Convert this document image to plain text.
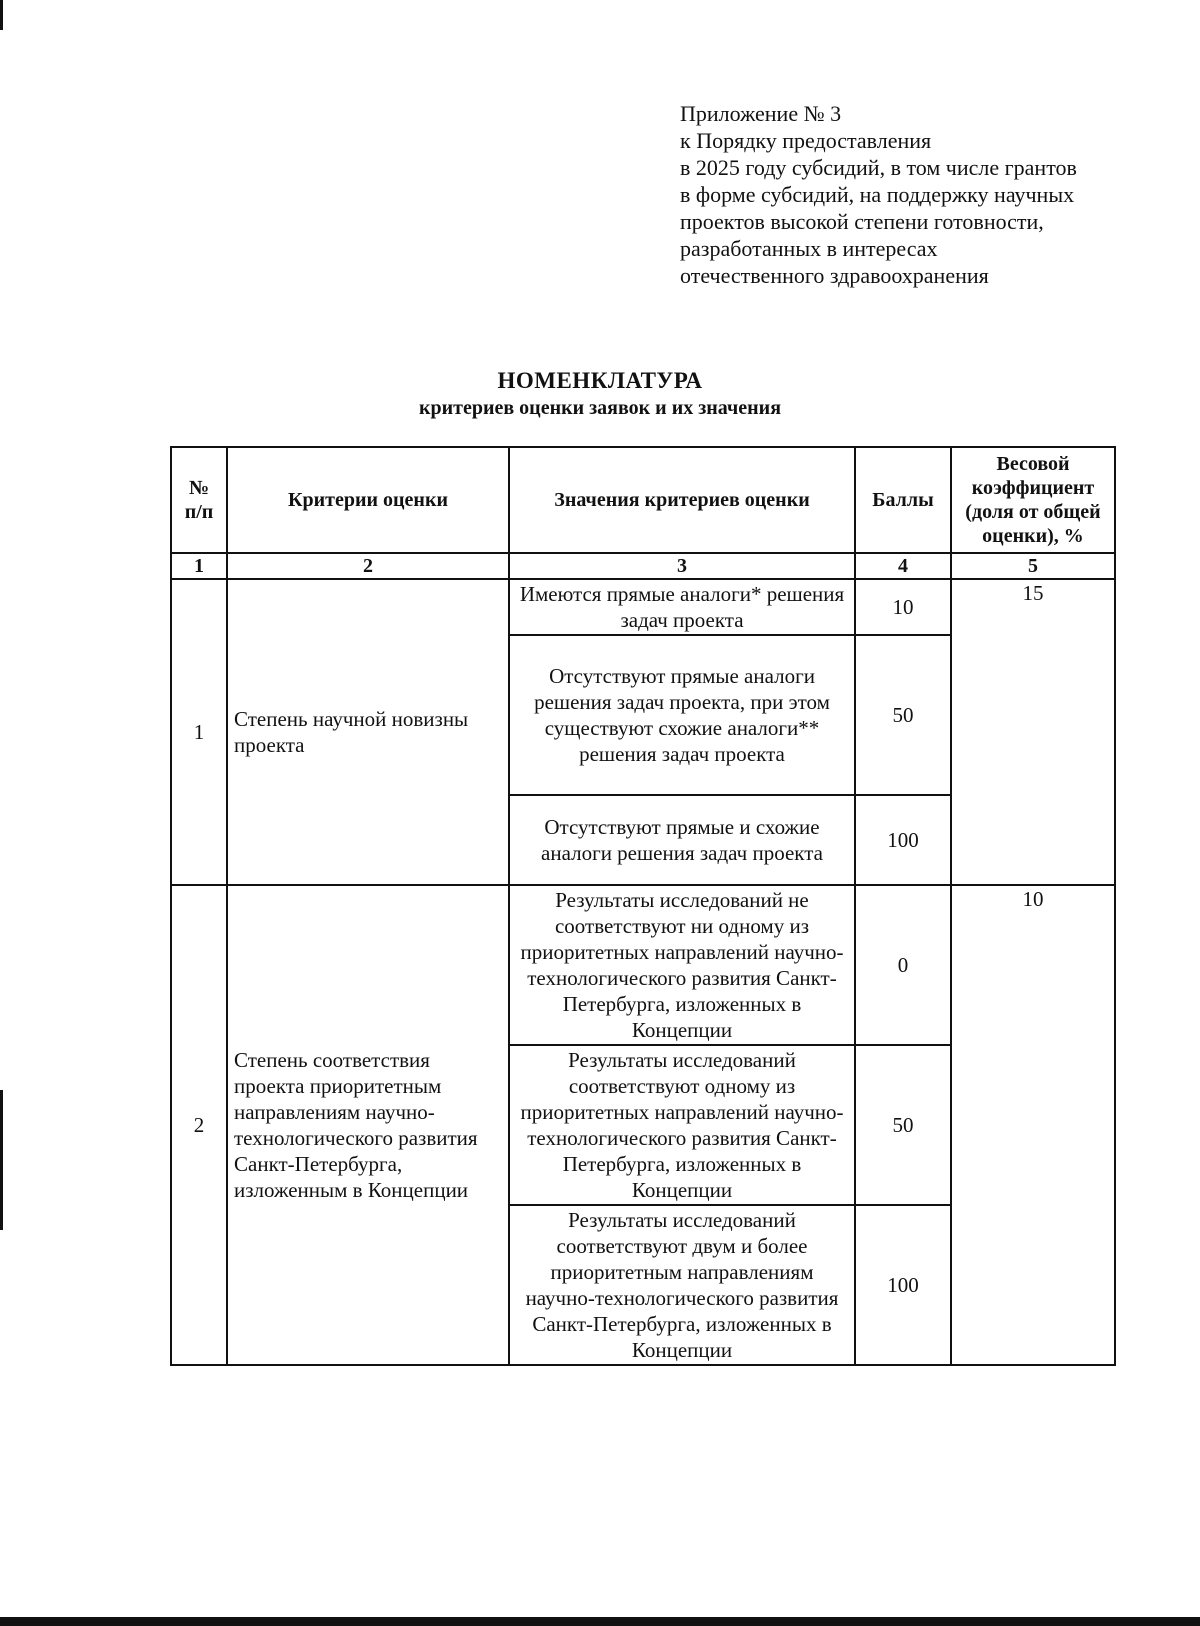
Приложение № 3
к Порядку предоставления
в 2025 году субсидий, в том числе грантов
в форме субсидий, на поддержку научных
проектов высокой степени готовности,
разработанных в интересах
отечественного здравоохранения
НОМЕНКЛАТУРА
критериев оценки заявок и их значения
№ п/п	Критерии оценки	Значения критериев оценки	Баллы	Весовой коэффициент (доля от общей оценки), %
1	2	3	4	5
1	Степень научной новизны проекта	Имеются прямые аналоги* решения задач проекта	10	15
		Отсутствуют прямые аналоги решения задач проекта, при этом существуют схожие аналоги** решения задач проекта	50	
		Отсутствуют прямые и схожие аналоги решения задач проекта	100	
2	Степень соответствия проекта приоритетным направлениям научно-технологического развития Санкт-Петербурга, изложенным в Концепции	Результаты исследований не соответствуют ни одному из приоритетных направлений научно-технологического развития Санкт-Петербурга, изложенных в Концепции	0	10
		Результаты исследований соответствуют одному из приоритетных направлений научно-технологического развития Санкт-Петербурга, изложенных в Концепции	50	
		Результаты исследований соответствуют двум и более приоритетным направлениям научно-технологического развития Санкт-Петербурга, изложенных в Концепции	100	
